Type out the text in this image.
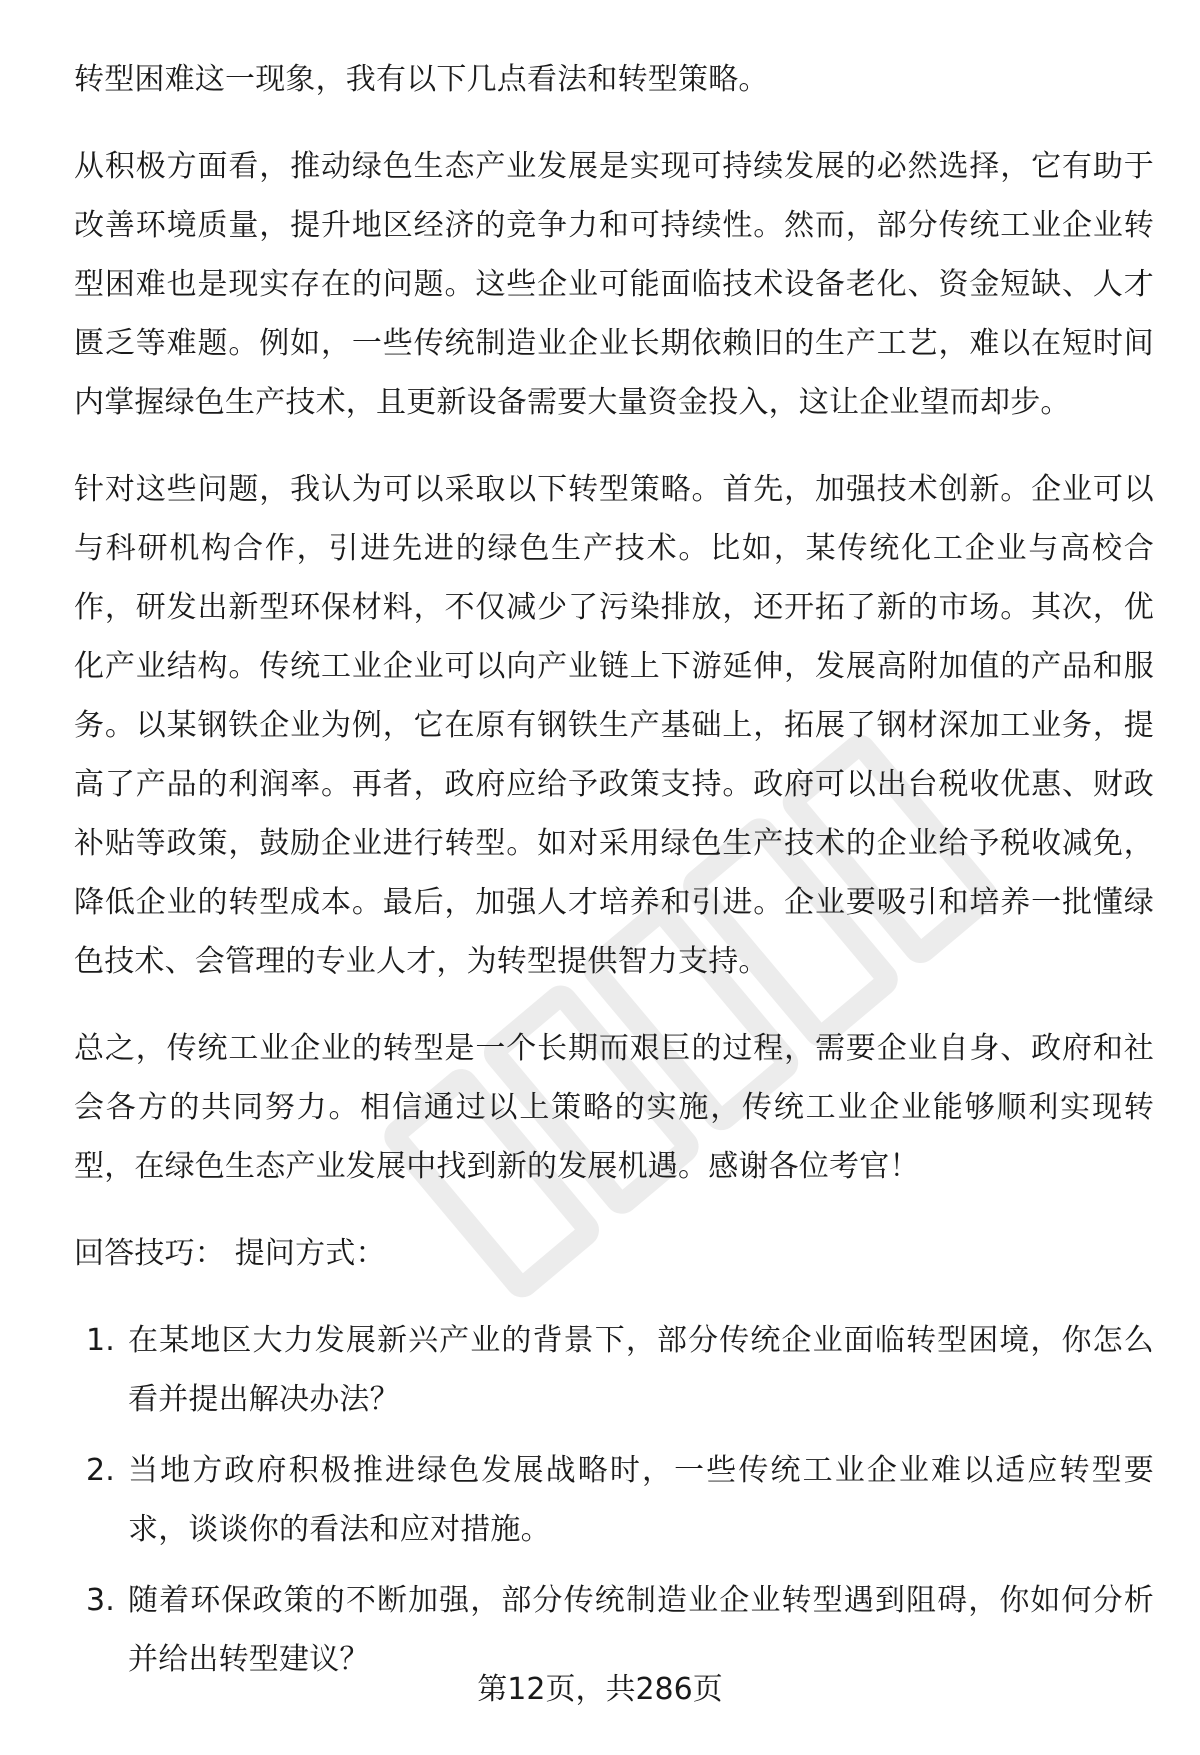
转型困难这一现象，我有以下几点看法和转型策略。

从积极方面看，推动绿色生态产业发展是实现可持续发展的必然选择，它有助于改善环境质量，提升地区经济的竞争力和可持续性。然而，部分传统工业企业转型困难也是现实存在的问题。这些企业可能面临技术设备老化、资金短缺、人才匮乏等难题。例如，一些传统制造业企业长期依赖旧的生产工艺，难以在短时间内掌握绿色生产技术，且更新设备需要大量资金投入，这让企业望而却步。

针对这些问题，我认为可以采取以下转型策略。首先，加强技术创新。企业可以与科研机构合作，引进先进的绿色生产技术。比如，某传统化工企业与高校合作，研发出新型环保材料，不仅减少了污染排放，还开拓了新的市场。其次，优化产业结构。传统工业企业可以向产业链上下游延伸，发展高附加值的产品和服务。以某钢铁企业为例，它在原有钢铁生产基础上，拓展了钢材深加工业务，提高了产品的利润率。再者，政府应给予政策支持。政府可以出台税收优惠、财政补贴等政策，鼓励企业进行转型。如对采用绿色生产技术的企业给予税收减免，降低企业的转型成本。最后，加强人才培养和引进。企业要吸引和培养一批懂绿色技术、会管理的专业人才，为转型提供智力支持。

总之，传统工业企业的转型是一个长期而艰巨的过程，需要企业自身、政府和社会各方的共同努力。相信通过以上策略的实施，传统工业企业能够顺利实现转型，在绿色生态产业发展中找到新的发展机遇。感谢各位考官！

回答技巧： 提问方式：
1. 在某地区大力发展新兴产业的背景下，部分传统企业面临转型困境，你怎么看并提出解决办法？
2. 当地方政府积极推进绿色发展战略时，一些传统工业企业难以适应转型要求，谈谈你的看法和应对措施。
3. 随着环保政策的不断加强，部分传统制造业企业转型遇到阻碍，你如何分析并给出转型建议？
第12页，共286页
